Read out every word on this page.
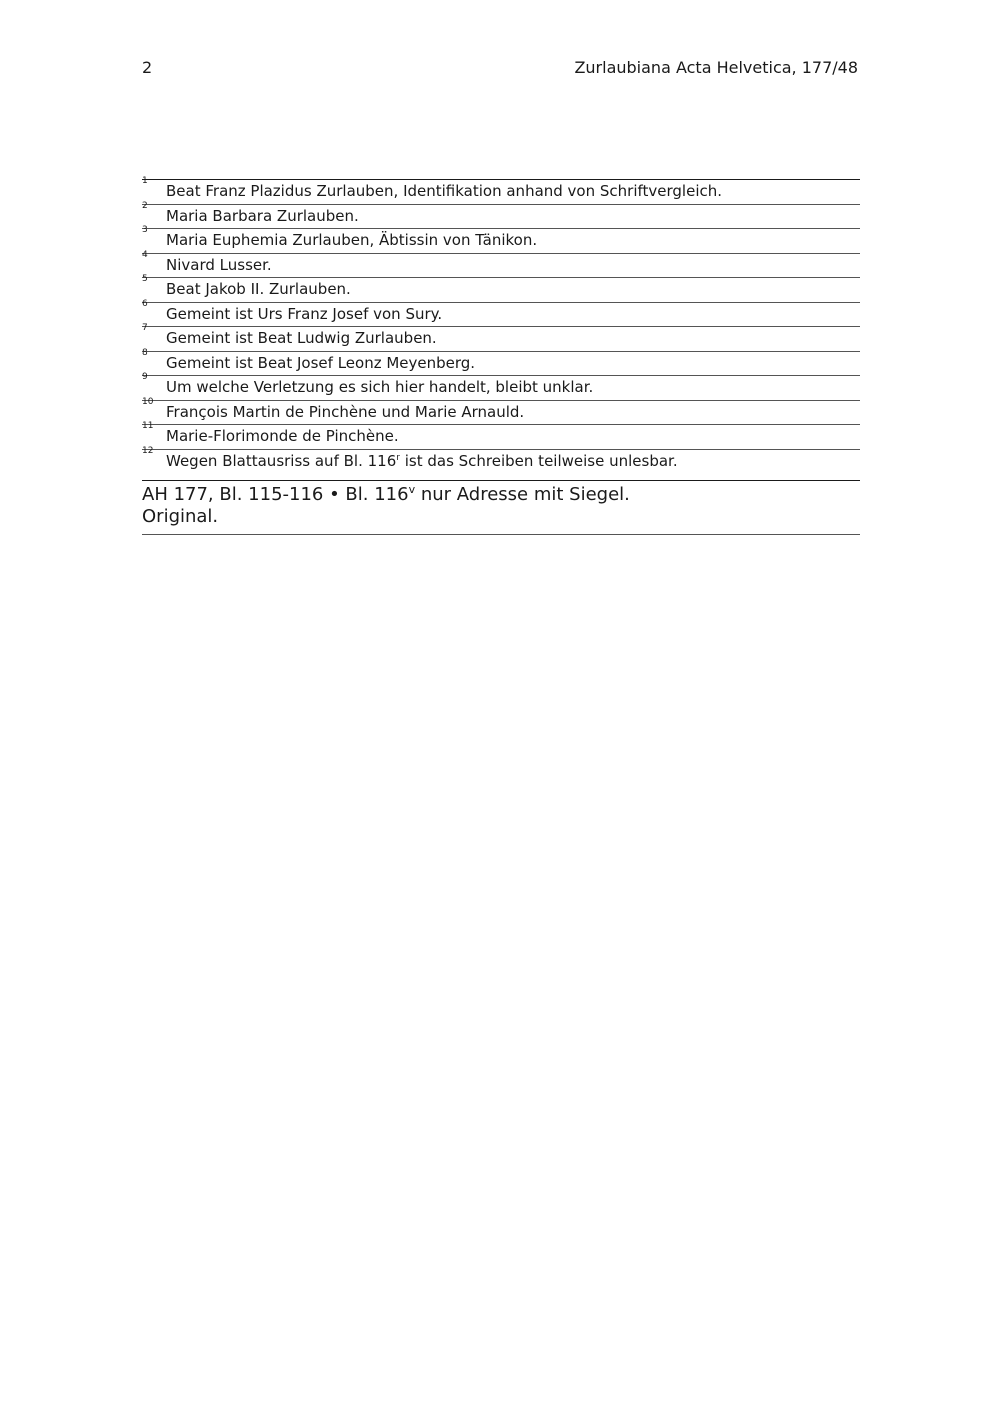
2	Zurlaubiana Acta Helvetica, 177/48
1
Beat Franz Plazidus Zurlauben, Identifikation anhand von Schriftvergleich.
2
Maria Barbara Zurlauben.
3
Maria Euphemia Zurlauben, Äbtissin von Tänikon.
4
Nivard Lusser.
5
Beat Jakob II. Zurlauben.
6
Gemeint ist Urs Franz Josef von Sury.
7
Gemeint ist Beat Ludwig Zurlauben.
8
Gemeint ist Beat Josef Leonz Meyenberg.
9
Um welche Verletzung es sich hier handelt, bleibt unklar.
10
François Martin de Pinchène und Marie Arnauld.
11
Marie-Florimonde de Pinchène.
12
Wegen Blattausriss auf Bl. 116$^r$ ist das Schreiben teilweise unlesbar.
AH 177, Bl. 115-116 • Bl. 116$^v$ nur Adresse mit Siegel.
Original.
